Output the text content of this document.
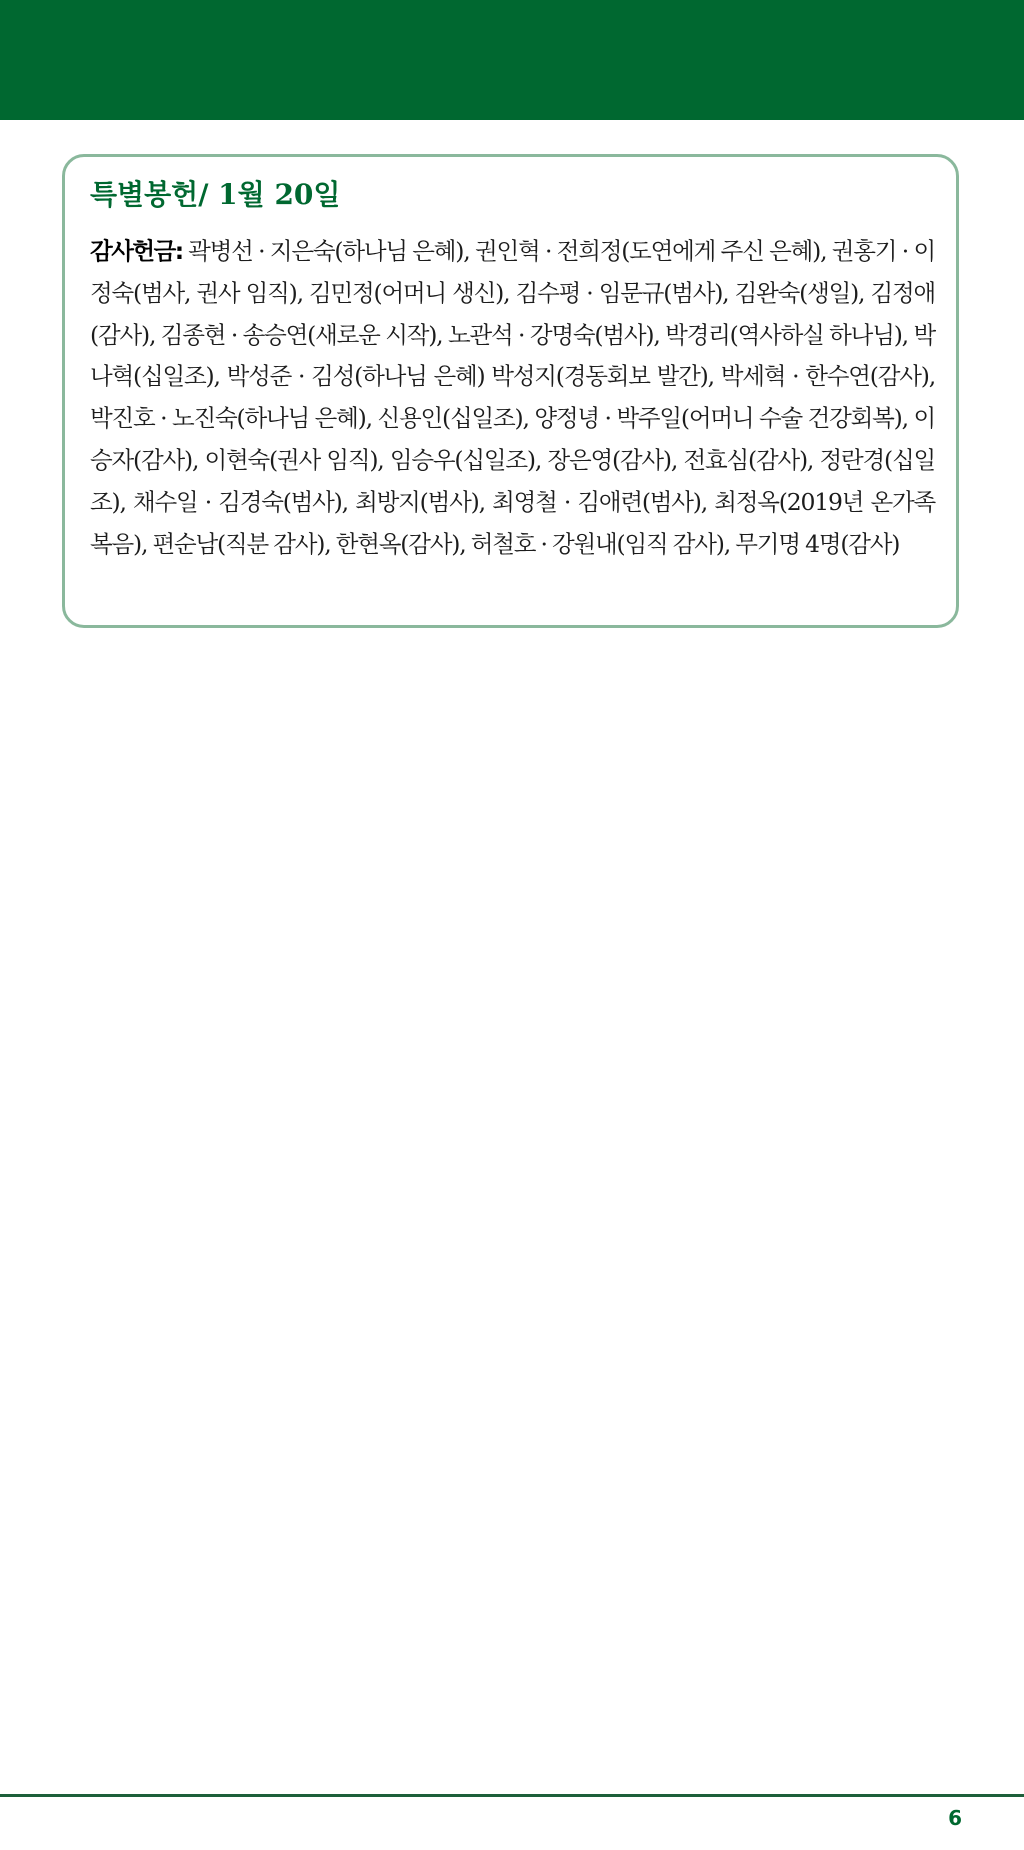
특별봉헌/ 1월 20일

감사헌금: 곽병선 · 지은숙(하나님 은혜), 권인혁 · 전희정(도연에게 주신 은혜), 권홍기 · 이정숙(범사, 권사 임직), 김민정(어머니 생신), 김수평 · 임문규(범사), 김완숙(생일), 김정애(감사), 김종현 · 송승연(새로운 시작), 노관석 · 강명숙(범사), 박경리(역사하실 하나님), 박나혁(십일조), 박성준 · 김성(하나님 은혜) 박성지(경동회보 발간), 박세혁 · 한수연(감사), 박진호 · 노진숙(하나님 은혜), 신용인(십일조), 양정녕 · 박주일(어머니 수술 건강회복), 이승자(감사), 이현숙(권사 임직), 임승우(십일조), 장은영(감사), 전효심(감사), 정란경(십일조), 채수일 · 김경숙(범사), 최방지(범사), 최영철 · 김애련(범사), 최정옥(2019년 온가족 복음), 편순남(직분 감사), 한현옥(감사), 허철호 · 강원내(임직 감사), 무기명 4명(감사)

6
